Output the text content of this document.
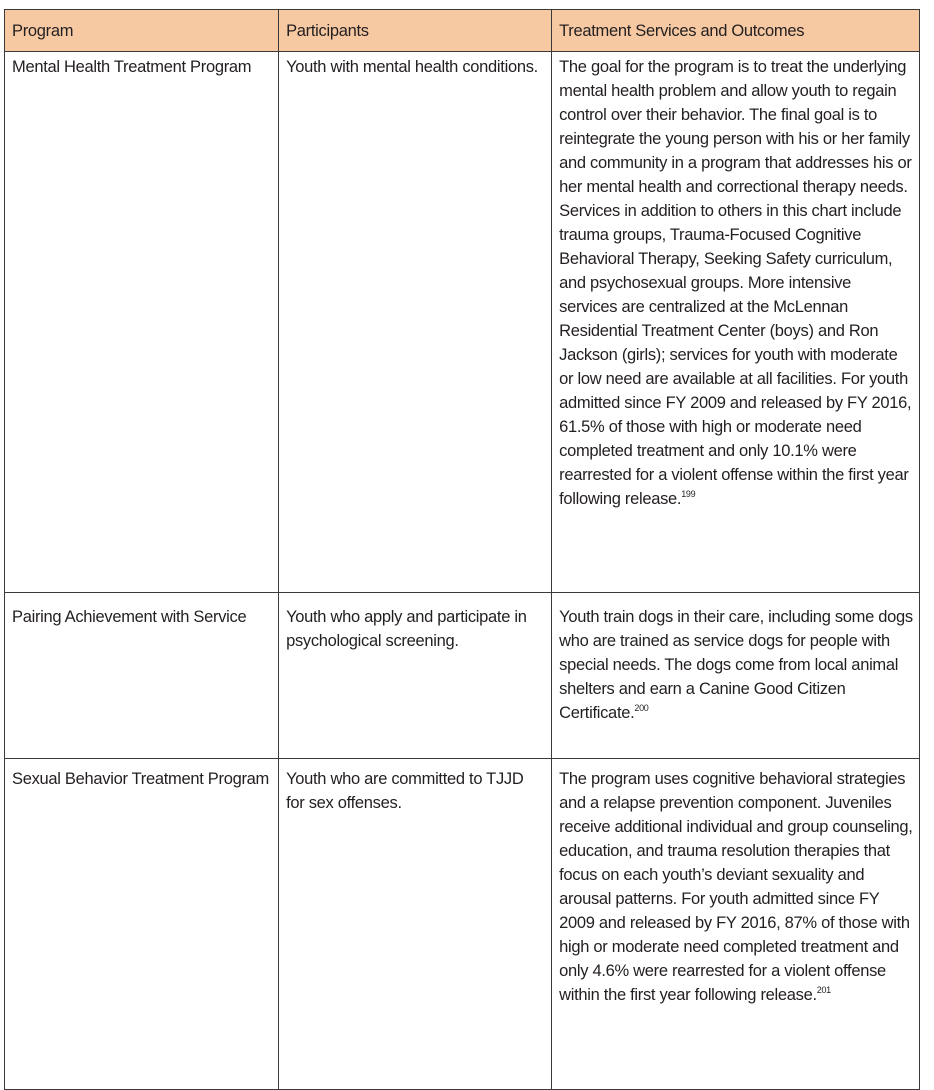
Program	Participants	Treatment Services and Outcomes
Mental Health Treatment Program	Youth with mental health conditions.	The goal for the program is to treat the underlying mental health problem and allow youth to regain control over their behavior. The final goal is to reintegrate the young person with his or her family and community in a program that addresses his or her mental health and correctional therapy needs. Services in addition to others in this chart include trauma groups, Trauma-Focused Cognitive Behavioral Therapy, Seeking Safety curriculum, and psychosexual groups. More intensive services are centralized at the McLennan Residential Treatment Center (boys) and Ron Jackson (girls); services for youth with moderate or low need are available at all facilities. For youth admitted since FY 2009 and released by FY 2016, 61.5% of those with high or moderate need completed treatment and only 10.1% were rearrested for a violent offense within the first year following release.$^{199}$
Pairing Achievement with Service	Youth who apply and participate in psychological screening.	Youth train dogs in their care, including some dogs who are trained as service dogs for people with special needs. The dogs come from local animal shelters and earn a Canine Good Citizen Certificate.$^{200}$
Sexual Behavior Treatment Program	Youth who are committed to TJJD for sex offenses.	The program uses cognitive behavioral strategies and a relapse prevention component. Juveniles receive additional individual and group counseling, education, and trauma resolution therapies that focus on each youth’s deviant sexuality and arousal patterns. For youth admitted since FY 2009 and released by FY 2016, 87% of those with high or moderate need completed treatment and only 4.6% were rearrested for a violent offense within the first year following release.$^{201}$
